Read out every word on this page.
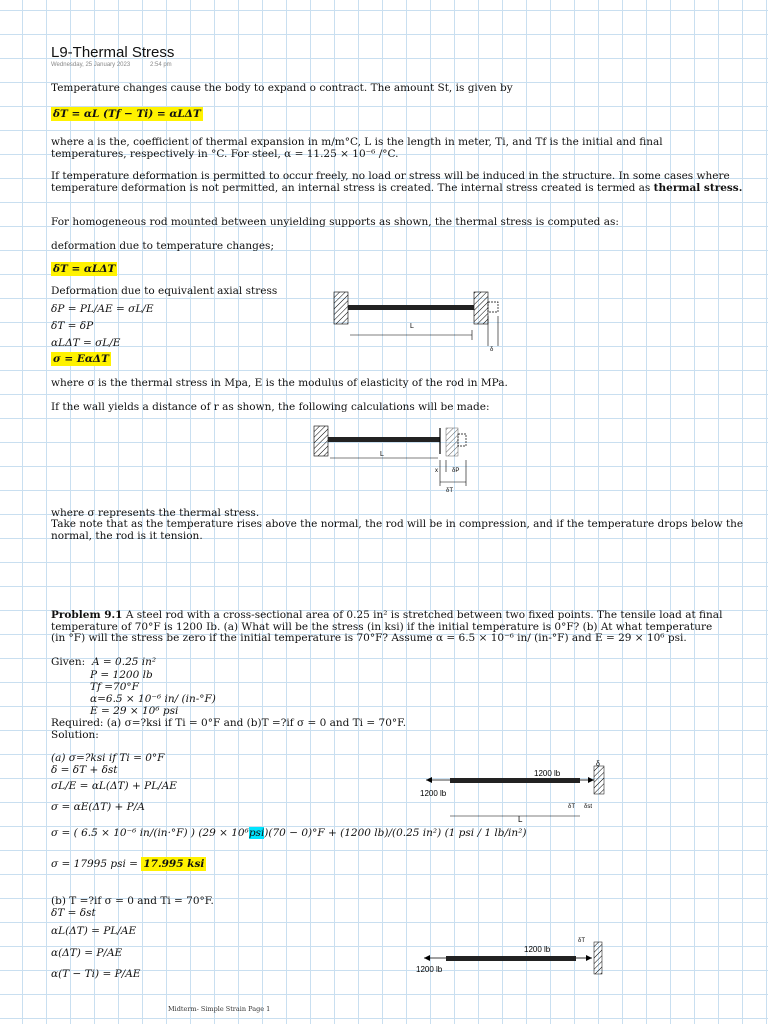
L9-Thermal Stress
Wednesday, 25 January 2023	2:54 pm
Temperature changes cause the body to expand o contract. The amount St, is given by
δT = αL (Tf − Ti) = αLΔT
where a is the, coefficient of thermal expansion in m/m°C, L is the length in meter, Ti, and Tf is the initial and final
temperatures, respectively in °C. For steel, α = 11.25 × 10⁻⁶ /°C.
If temperature deformation is permitted to occur freely, no load or stress will be induced in the structure. In some cases where
temperature deformation is not permitted, an internal stress is created. The internal stress created is termed as thermal stress.
For homogeneous rod mounted between unyielding supports as shown, the thermal stress is computed as:
deformation due to temperature changes;
δT = αLΔT
Deformation due to equivalent axial stress
δP = PL/AE = σL/E
δT = δP
αLΔT = σL/E
σ = EαΔT
L
δ
where σ is the thermal stress in Mpa, E is the modulus of elasticity of the rod in MPa.
If the wall yields a distance of r as shown, the following calculations will be made:
L
x δP
δT
where σ represents the thermal stress.
Take note that as the temperature rises above the normal, the rod will be in compression, and if the temperature drops below the
normal, the rod is it tension.
Problem 9.1 A steel rod with a cross-sectional area of 0.25 in² is stretched between two fixed points. The tensile load at final
temperature of 70°F is 1200 Ib. (a) What will be the stress (in ksi) if the initial temperature is 0°F? (b) At what temperature
(in °F) will the stress be zero if the initial temperature is 70°F? Assume α = 6.5 × 10⁻⁶ in/ (in-°F) and E = 29 × 10⁶ psi.
Given: A = 0.25 in²
P = 1200 lb
Tf =70°F
α=6.5 × 10⁻⁶ in/ (in-°F)
E = 29 × 10⁶ psi
Required: (a) σ=?ksi if Ti = 0°F and (b)T =?if σ = 0 and Ti = 70°F.
Solution:
(a) σ=?ksi if Ti = 0°F
δ = δT + δst
σL/E = αL(ΔT) + PL/AE
σ = αE(ΔT) + P/A
σ = ( 6.5 × 10⁻⁶ in/(in·°F) ) (29 × 10⁶psi)(70 − 0)°F + (1200 lb)/(0.25 in²) (1 psi / 1 lb/in²)
σ = 17995 psi = 17.995 ksi
1200 lb
1200 lb
L
δT δst
δ
(b) T =?if σ = 0 and Ti = 70°F.
δT = δst
αL(ΔT) = PL/AE
α(ΔT) = P/AE
α(T − Ti) = P/AE
1200 lb
1200 lb
δT
Midterm- Simple Strain Page 1
